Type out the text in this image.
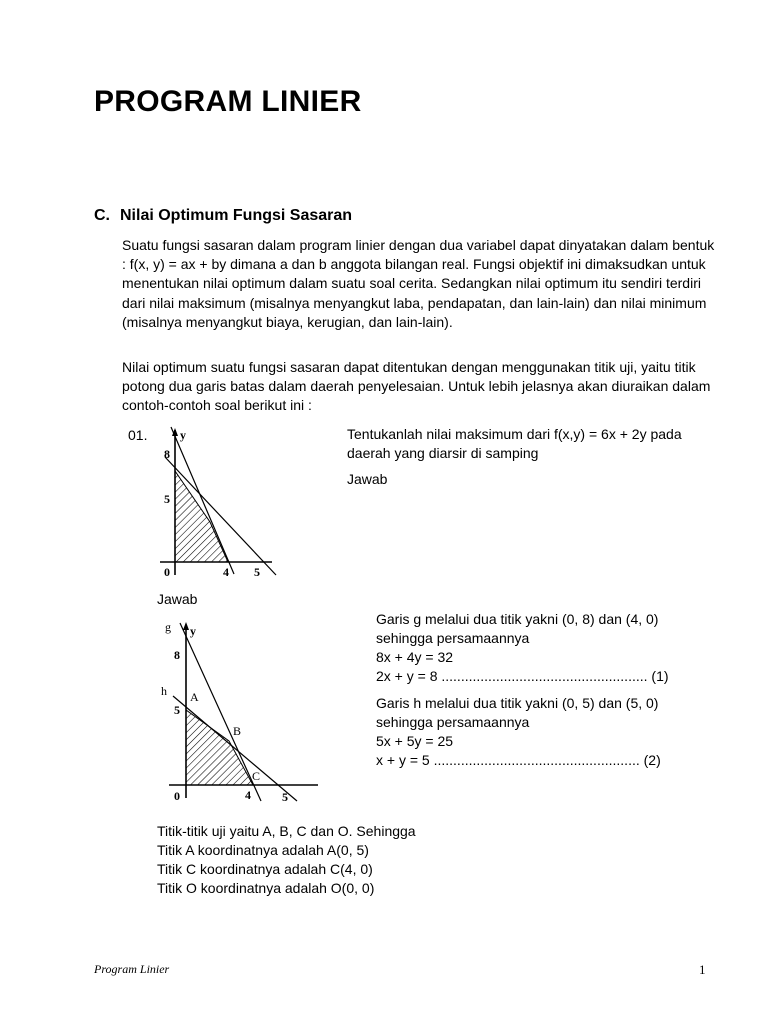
PROGRAM LINIER
C. Nilai Optimum Fungsi Sasaran
Suatu fungsi sasaran dalam program linier dengan dua variabel dapat dinyatakan dalam bentuk : f(x, y) = ax + by dimana a dan b anggota bilangan real. Fungsi objektif ini dimaksudkan untuk menentukan nilai optimum dalam suatu soal cerita. Sedangkan nilai optimum itu sendiri terdiri dari nilai maksimum (misalnya menyangkut laba, pendapatan, dan lain-lain) dan nilai minimum (misalnya menyangkut biaya, kerugian, dan lain-lain).
Nilai optimum suatu fungsi sasaran dapat ditentukan dengan menggunakan titik uji, yaitu titik potong dua garis batas dalam daerah penyelesaian. Untuk lebih jelasnya akan diuraikan dalam contoh-contoh soal berikut ini :
01.	Tentukanlah nilai maksimum dari f(x,y) = 6x + 2y pada
daerah yang diarsir di samping
Jawab
y
8
5
0	4 5
Jawab
g y
8
h A
5
B
C
0	4	5
Garis g melalui dua titik yakni (0, 8) dan (4, 0)
sehingga persamaannya
8x + 4y = 32
2x + y = 8 ..................................................... (1)
Garis h melalui dua titik yakni (0, 5) dan (5, 0)
sehingga persamaannya
5x + 5y = 25
x + y = 5 ..................................................... (2)
Titik-titik uji yaitu A, B, C dan O. Sehingga
Titik A koordinatnya adalah A(0, 5)
Titik C koordinatnya adalah C(4, 0)
Titik O koordinatnya adalah O(0, 0)
Program Linier	1
